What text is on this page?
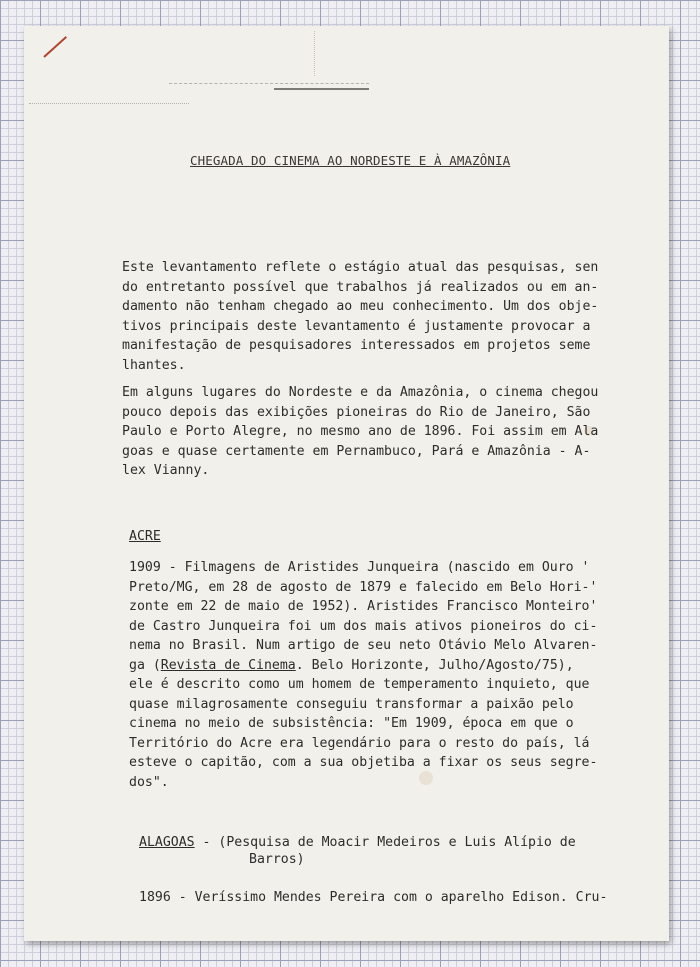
CHEGADA DO CINEMA AO NORDESTE E À AMAZÔNIA

Este levantamento reflete o estágio atual das pesquisas, sen
do entretanto possível que trabalhos já realizados ou em an-
damento não tenham chegado ao meu conhecimento. Um dos obje-
tivos principais deste levantamento é justamente provocar a
manifestação de pesquisadores interessados em projetos seme
lhantes.

Em alguns lugares do Nordeste e da Amazônia, o cinema chegou
pouco depois das exibições pioneiras do Rio de Janeiro, São
Paulo e Porto Alegre, no mesmo ano de 1896. Foi assim em Ala
goas e quase certamente em Pernambuco, Pará e Amazônia - A-
lex Vianny.

ACRE

1909 - Filmagens de Aristides Junqueira (nascido em Ouro '
Preto/MG, em 28 de agosto de 1879 e falecido em Belo Hori-'
zonte em 22 de maio de 1952). Aristides Francisco Monteiro'
de Castro Junqueira foi um dos mais ativos pioneiros do ci-
nema no Brasil. Num artigo de seu neto Otávio Melo Alvaren-
ga (Revista de Cinema. Belo Horizonte, Julho/Agosto/75),
ele é descrito como um homem de temperamento inquieto, que
quase milagrosamente conseguiu transformar a paixão pelo
cinema no meio de subsistência: "Em 1909, época em que o
Território do Acre era legendário para o resto do país, lá
esteve o capitão, com a sua objetiba a fixar os seus segre-
dos".

ALAGOAS - (Pesquisa de Moacir Medeiros e Luis Alípio de
Barros)

1896 - Veríssimo Mendes Pereira com o aparelho Edison. Cru-
